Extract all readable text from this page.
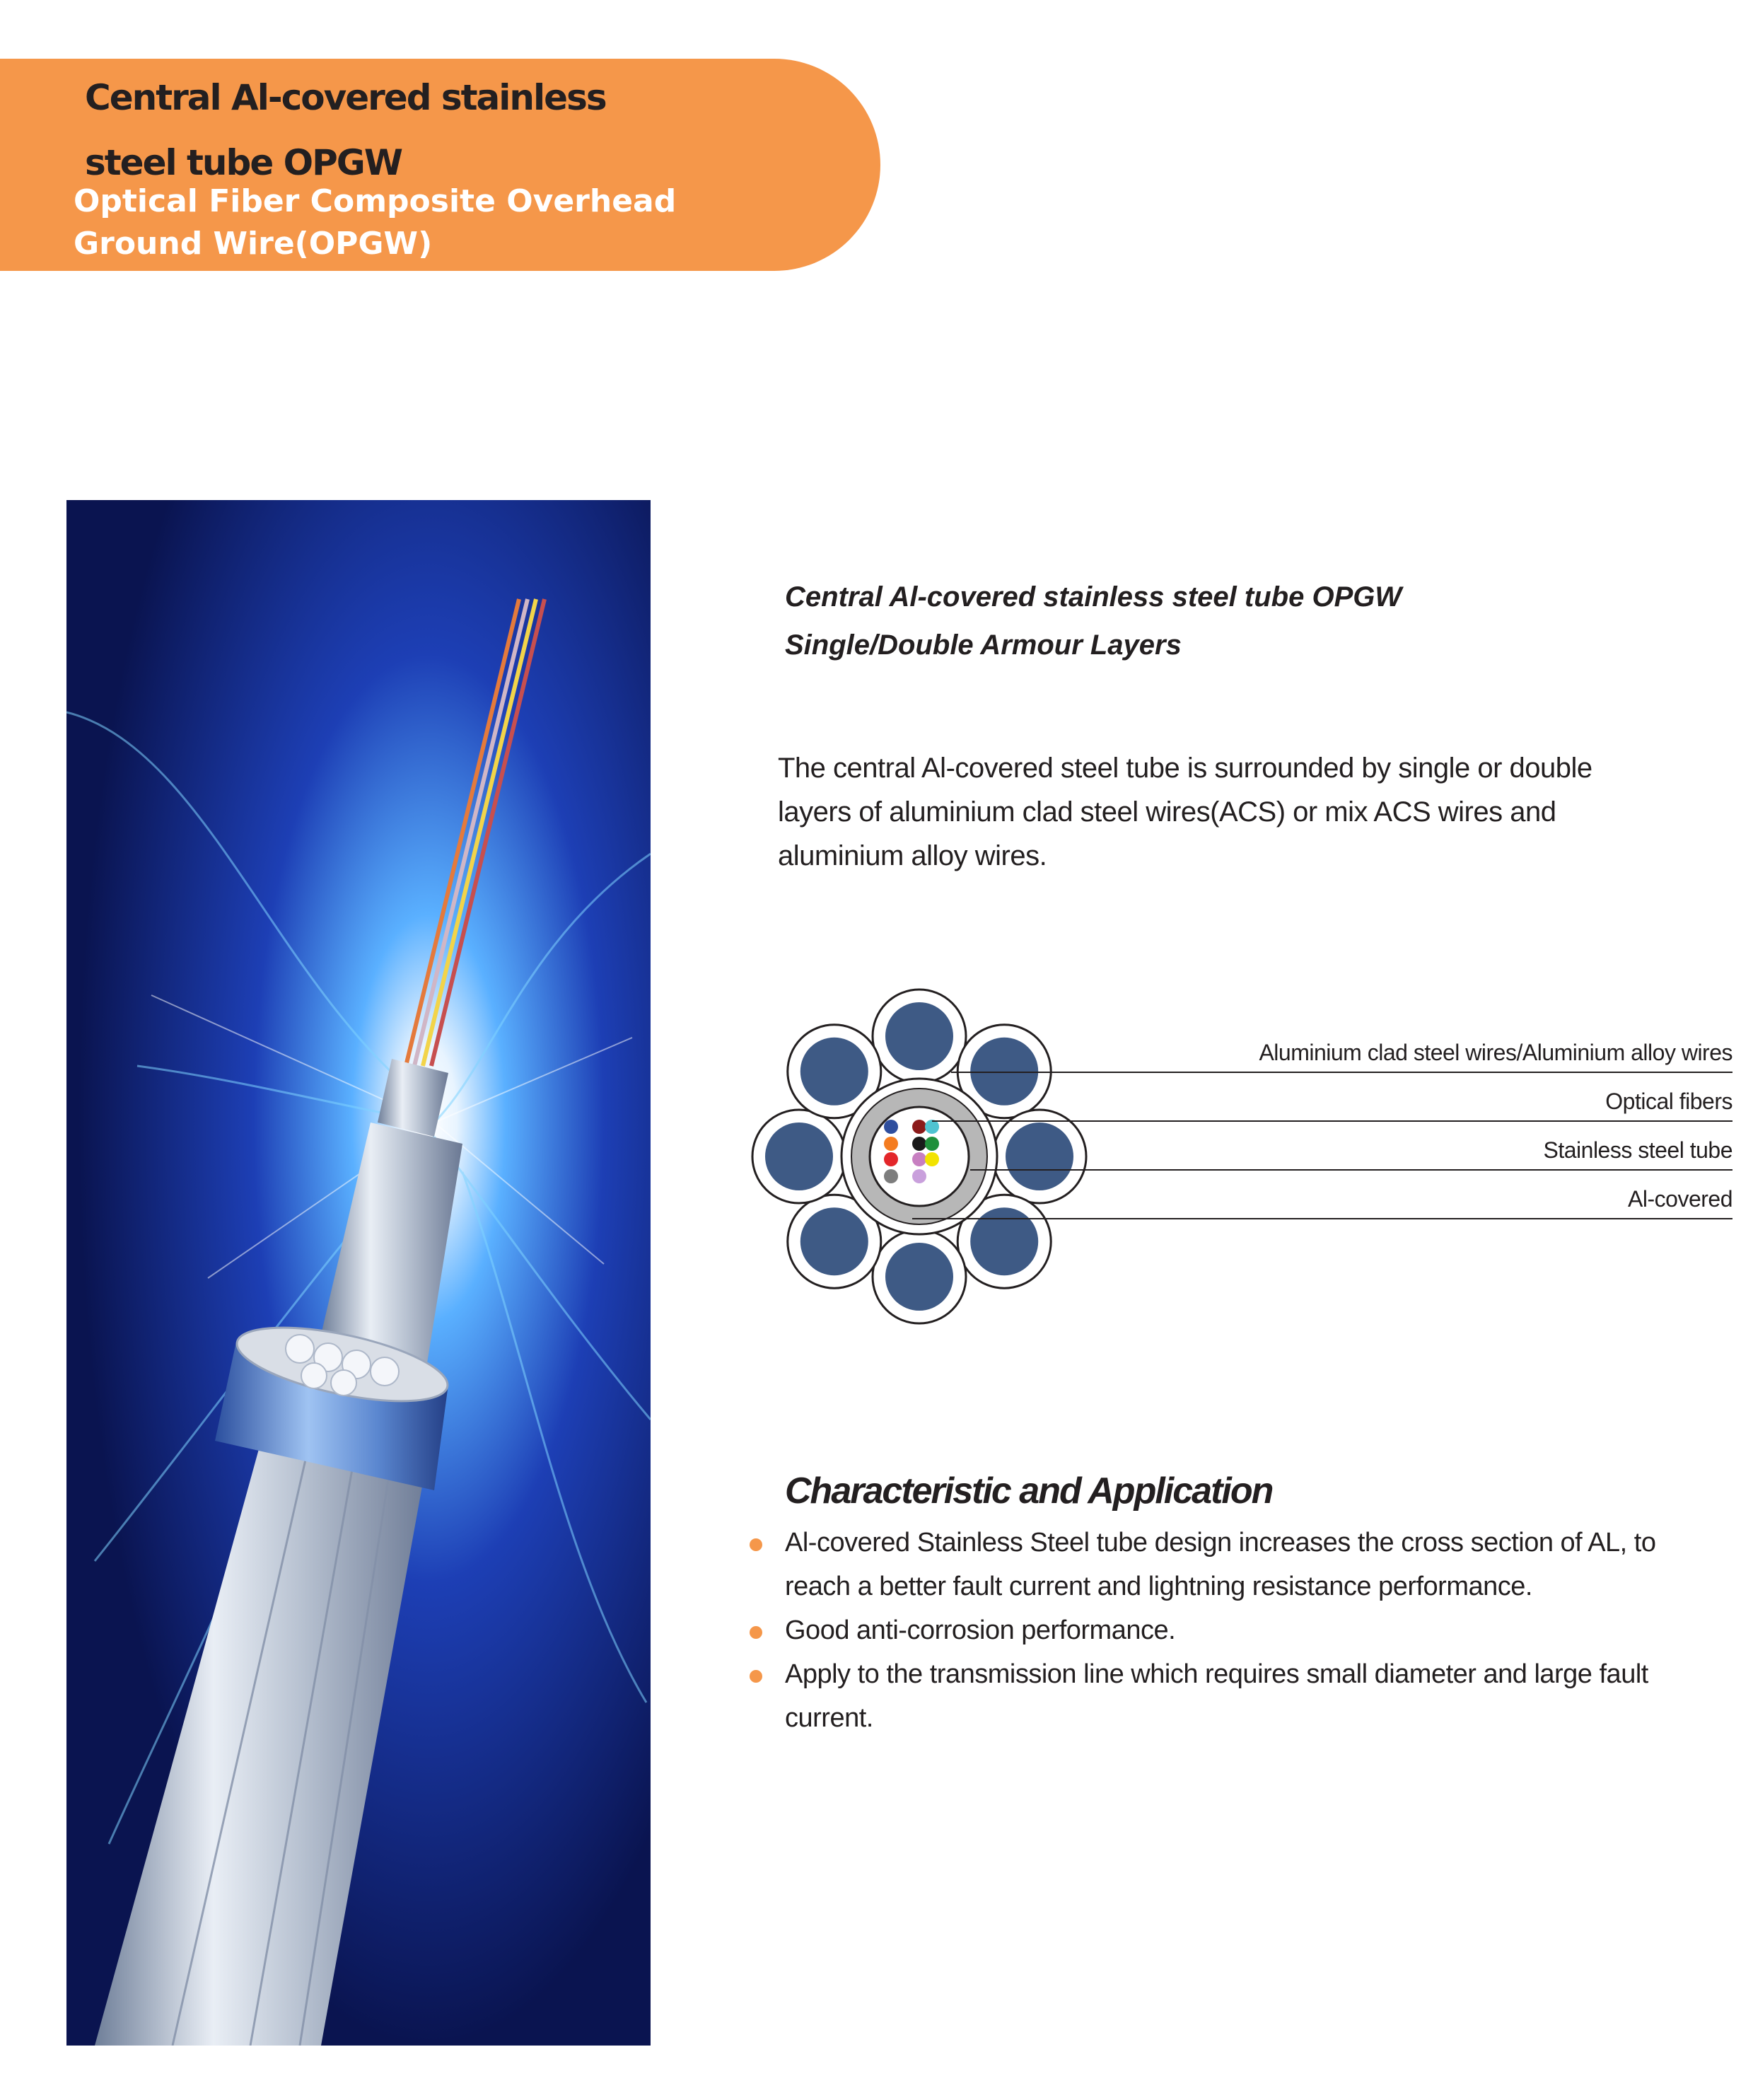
Central Al-covered stainless
steel tube OPGW
Optical Fiber Composite Overhead
Ground Wire(OPGW)
Central Al-covered stainless steel tube OPGW
Single/Double Armour Layers
The central Al-covered steel tube is surrounded by single or double
layers of aluminium clad steel wires(ACS) or mix ACS wires and
aluminium alloy wires.
Aluminium clad steel wires/Aluminium alloy wires
Optical fibers
Stainless steel tube
Al-covered
Characteristic and Application
Al-covered Stainless Steel tube design increases the cross section of AL, to
reach a better fault current and lightning resistance performance.
Good anti-corrosion performance.
Apply to the transmission line which requires small diameter and large fault
current.
